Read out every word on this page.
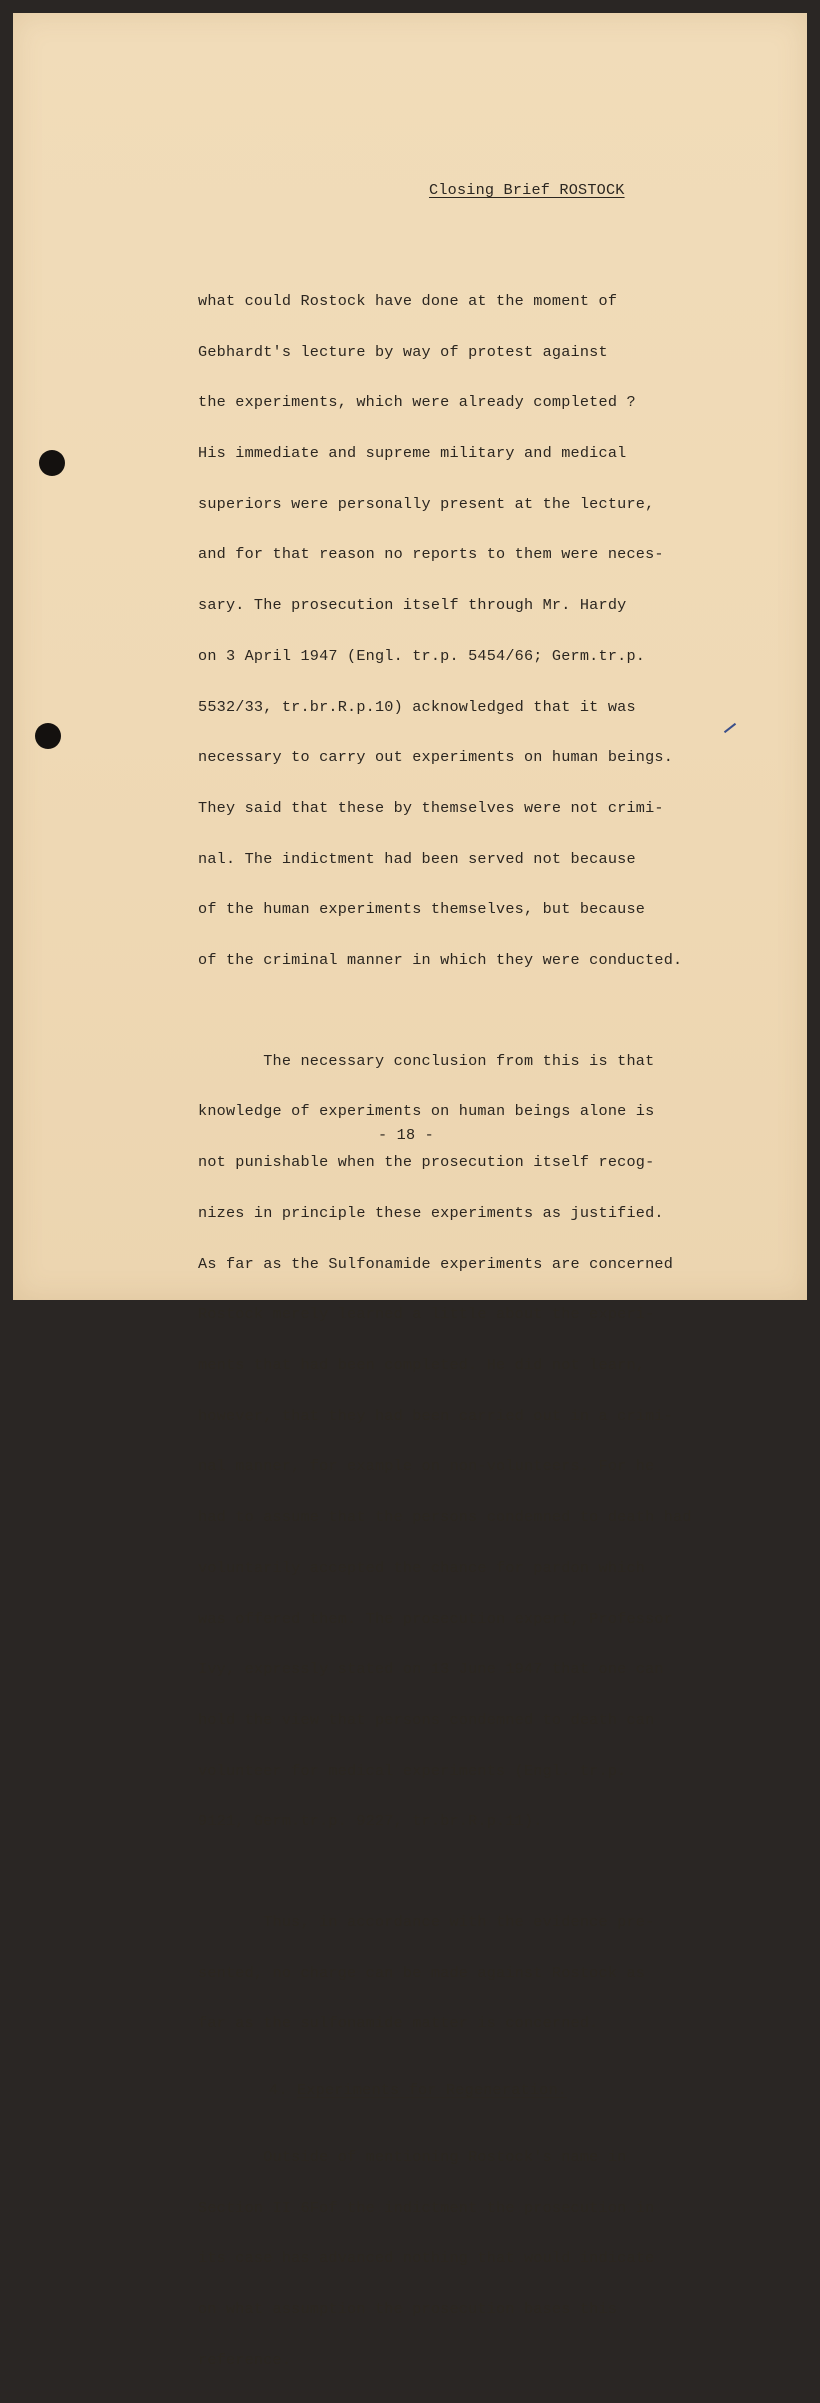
Closing Brief ROSTOCK

what could Rostock have done at the moment of

Gebhardt's lecture by way of protest against

the experiments, which were already completed ?

His immediate and supreme military and medical

superiors were personally present at the lecture,

and for that reason no reports to them were neces-

sary. The prosecution itself through Mr. Hardy

on 3 April 1947 (Engl. tr.p. 5454/66; Germ.tr.p.

5532/33, tr.br.R.p.10) acknowledged that it was

necessary to carry out experiments on human beings.

They said that these by themselves were not crimi-

nal. The indictment had been served not because

of the human experiments themselves, but because

of the criminal manner in which they were conducted.

The necessary conclusion from this is that

knowledge of experiments on human beings alone is

not punishable when the prosecution itself recog-

nizes in principle these experiments as justified.

As far as the Sulfonamide experiments are concerned

Rostock merely learned a little about the experi-

ments that had been completed. He did not learn,

however, that they had been carried out in a crimi-

nal manner, for example on non-volunteers. For he

had to assume that the persons condemned to death had

voluntarily accepted the chance for pardon which

was offered them. The prosecution expert, Professor

Ivy, expressly stated on 13 June 1947 that one can

hold the view that persons condemned to death can

volunteer for medical experiments (Engl. tr.p.

9121, Germ.tr.p. 9227, tr.br.R.p.11).

Thus, in accordance with the evidence pre-

sented, no charge can be made against Rostock as

far as the sulfonamide matter is concerned.

4. Experiments for Regeneration.

Outside of mentioning Rostock's name in

Section II 6Fof the indictment the prosecution in

its case has advanced nothing that would indicate

on what assumption the prosecution bases this

reference.

- 18 -
